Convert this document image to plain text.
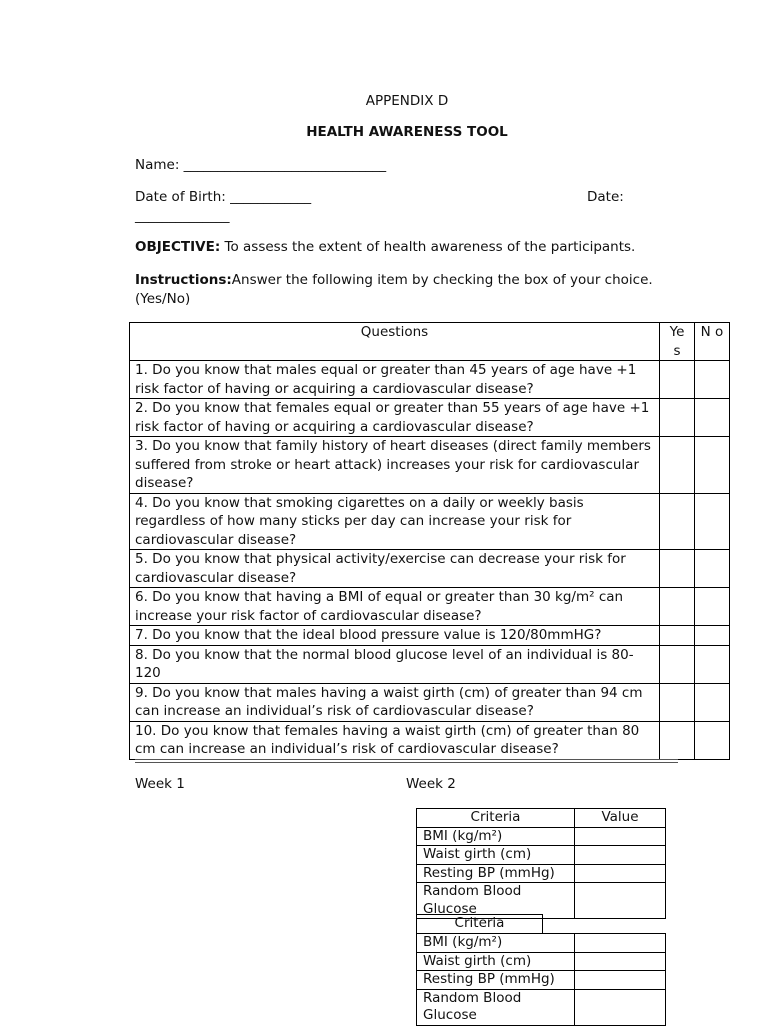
APPENDIX D
HEALTH AWARENESS TOOL
Name: ______________________________
Date of Birth: ____________	Date:
______________
OBJECTIVE: To assess the extent of health awareness of the participants.
Instructions:Answer the following item by checking the box of your choice. (Yes/No)
Questions	Ye s	N o
1. Do you know that males equal or greater than 45 years of age have +1 risk factor of having or acquiring a cardiovascular disease?		
2. Do you know that females equal or greater than 55 years of age have +1 risk factor of having or acquiring a cardiovascular disease?		
3. Do you know that family history of heart diseases (direct family members suffered from stroke or heart attack) increases your risk for cardiovascular disease?		
4. Do you know that smoking cigarettes on a daily or weekly basis regardless of how many sticks per day can increase your risk for cardiovascular disease?		
5. Do you know that physical activity/exercise can decrease your risk for cardiovascular disease?		
6. Do you know that having a BMI of equal or greater than 30 kg/m² can increase your risk factor of cardiovascular disease?		
7. Do you know that the ideal blood pressure value is 120/80mmHG?		
8. Do you know that the normal blood glucose level of an individual is 80-120		
9. Do you know that males having a waist girth (cm) of greater than 94 cm can increase an individual’s risk of cardiovascular disease?		
10. Do you know that females having a waist girth (cm) of greater than 80 cm can increase an individual’s risk of cardiovascular disease?		
Week 1	Week 2
Criteria	Value
BMI (kg/m²)	
Waist girth (cm)	
Resting BP (mmHg)	
Random Blood Glucose	
Criteria	
BMI (kg/m²)	
Waist girth (cm)	
Resting BP (mmHg)	
Random Blood Glucose	
